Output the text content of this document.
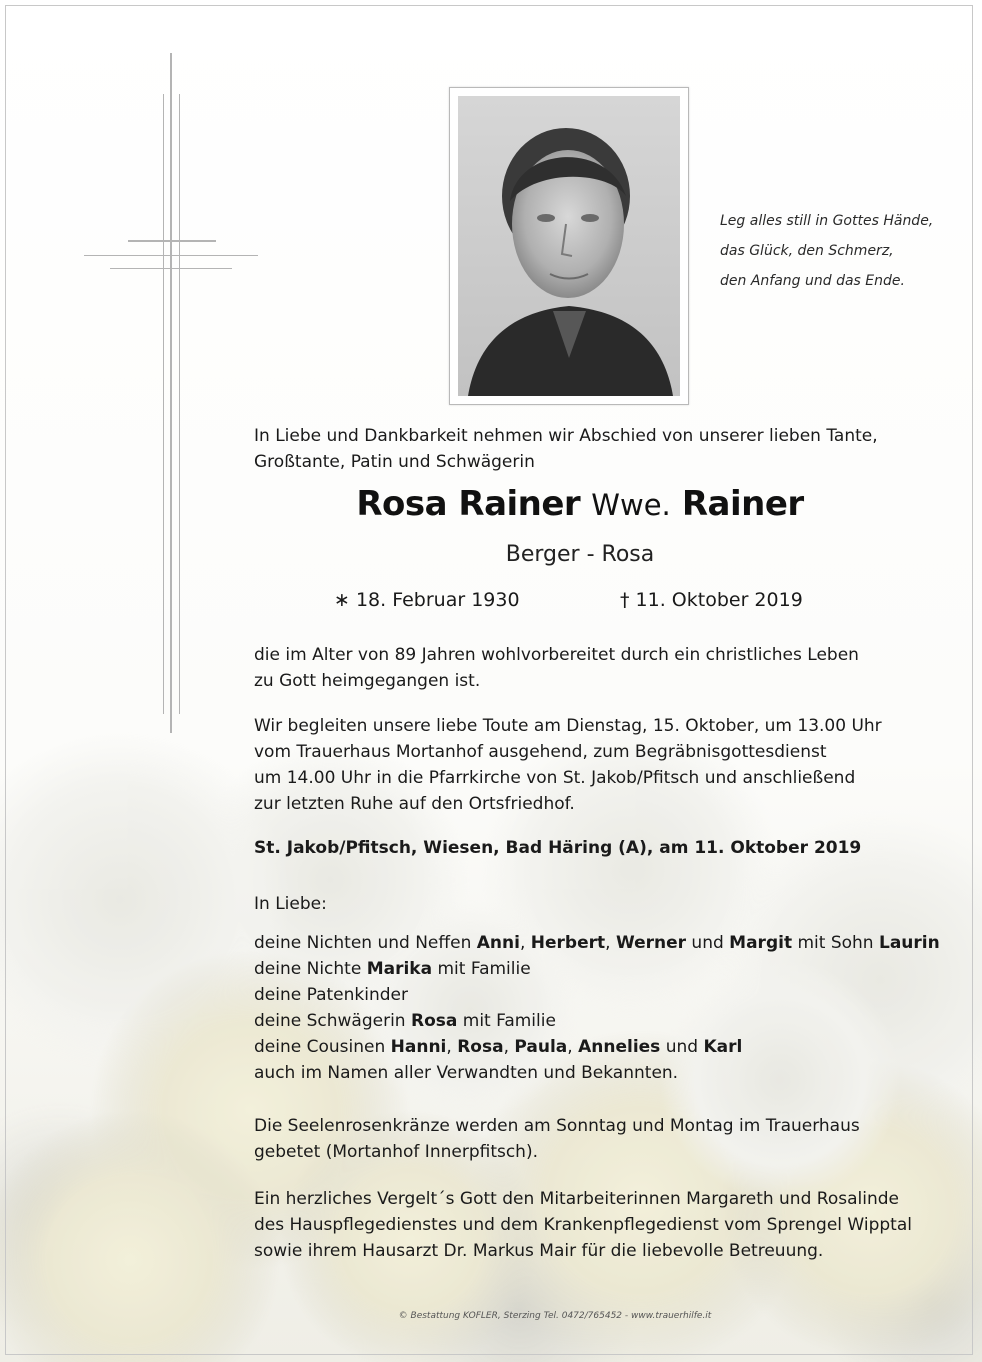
Leg alles still in Gottes Hände,
das Glück, den Schmerz,
den Anfang und das Ende.
In Liebe und Dankbarkeit nehmen wir Abschied von unserer lieben Tante,
Großtante, Patin und Schwägerin
Rosa Rainer Wwe. Rainer
Berger - Rosa
∗ 18. Februar 1930	† 11. Oktober 2019
die im Alter von 89 Jahren wohlvorbereitet durch ein christliches Leben
zu Gott heimgegangen ist.
Wir begleiten unsere liebe Toute am Dienstag, 15. Oktober, um 13.00 Uhr
vom Trauerhaus Mortanhof ausgehend, zum Begräbnisgottesdienst
um 14.00 Uhr in die Pfarrkirche von St. Jakob/Pfitsch und anschließend
zur letzten Ruhe auf den Ortsfriedhof.
St. Jakob/Pfitsch, Wiesen, Bad Häring (A), am 11. Oktober 2019
In Liebe:
deine Nichten und Neffen Anni, Herbert, Werner und Margit mit Sohn Laurin
deine Nichte Marika mit Familie
deine Patenkinder
deine Schwägerin Rosa mit Familie
deine Cousinen Hanni, Rosa, Paula, Annelies und Karl
auch im Namen aller Verwandten und Bekannten.
Die Seelenrosenkränze werden am Sonntag und Montag im Trauerhaus
gebetet (Mortanhof Innerpfitsch).
Ein herzliches Vergelt´s Gott den Mitarbeiterinnen Margareth und Rosalinde
des Hauspflegedienstes und dem Krankenpflegedienst vom Sprengel Wipptal
sowie ihrem Hausarzt Dr. Markus Mair für die liebevolle Betreuung.
© Bestattung KOFLER, Sterzing Tel. 0472/765452 - www.trauerhilfe.it
